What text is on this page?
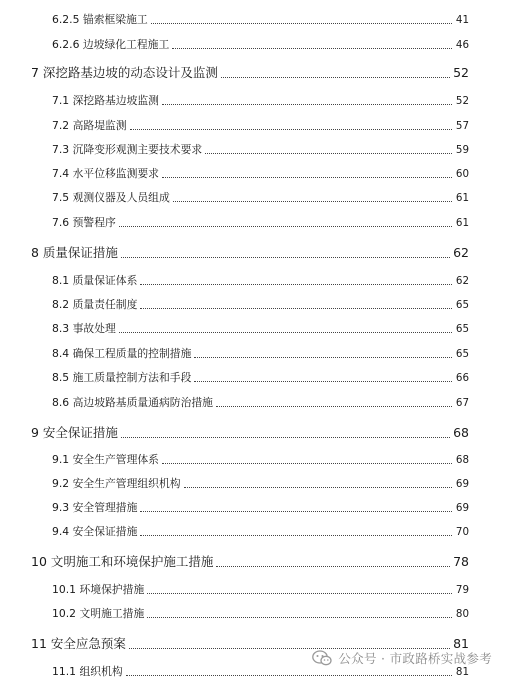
6.2.5 锚索框梁施工	41
6.2.6 边坡绿化工程施工	46
7 深挖路基边坡的动态设计及监测	52
7.1 深挖路基边坡监测	52
7.2 高路堤监测	57
7.3 沉降变形观测主要技术要求	59
7.4 水平位移监测要求	60
7.5 观测仪器及人员组成	61
7.6 预警程序	61
8 质量保证措施	62
8.1 质量保证体系	62
8.2 质量责任制度	65
8.3 事故处理	65
8.4 确保工程质量的控制措施	65
8.5 施工质量控制方法和手段	66
8.6 高边坡路基质量通病防治措施	67
9 安全保证措施	68
9.1 安全生产管理体系	68
9.2 安全生产管理组织机构	69
9.3 安全管理措施	69
9.4 安全保证措施	70
10 文明施工和环境保护施工措施	78
10.1 环境保护措施	79
10.2 文明施工措施	80
11 安全应急预案	81
11.1 组织机构	81
公众号 · 市政路桥实战参考
